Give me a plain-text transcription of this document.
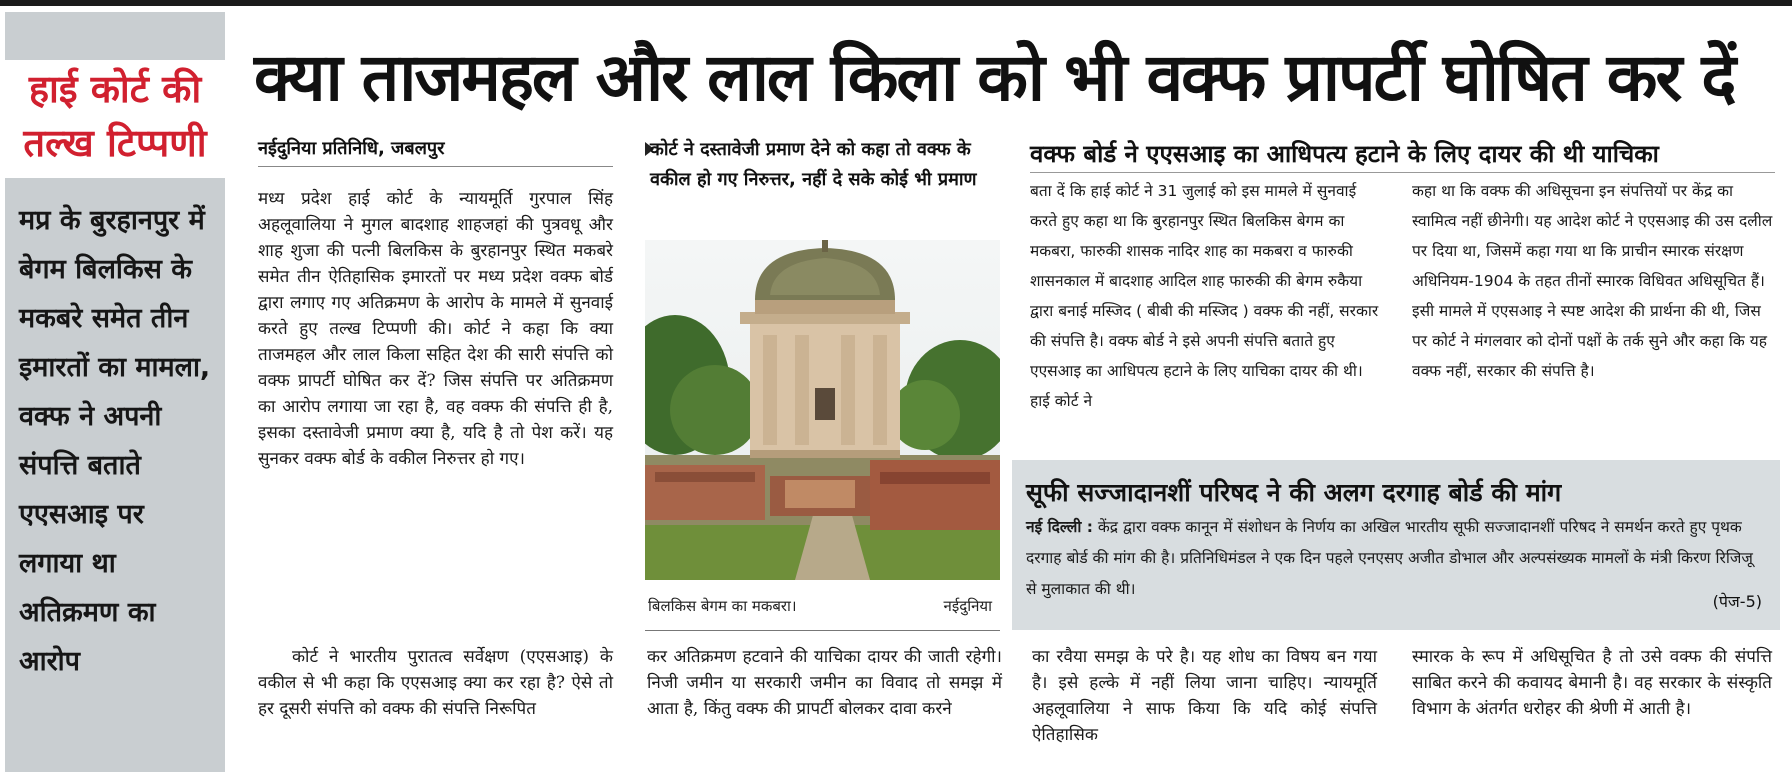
हाई कोर्ट की तल्ख टिप्पणी
मप्र के बुरहानपुर में बेगम बिलकिस के मकबरे समेत तीन इमारतों का मामला, वक्फ ने अपनी संपत्ति बताते एएसआइ पर लगाया था अतिक्रमण का आरोप
क्या ताजमहल और लाल किला को भी वक्फ प्रापर्टी घोषित कर दें
नईदुनिया प्रतिनिधि, जबलपुर

मध्य प्रदेश हाई कोर्ट के न्यायमूर्ति गुरपाल सिंह अहलूवालिया ने मुगल बादशाह शाहजहां की पुत्रवधू और शाह शुजा की पत्नी बिलकिस के बुरहानपुर स्थित मकबरे समेत तीन ऐतिहासिक इमारतों पर मध्य प्रदेश वक्फ बोर्ड द्वारा लगाए गए अतिक्रमण के आरोप के मामले में सुनवाई करते हुए तल्ख टिप्पणी की। कोर्ट ने कहा कि क्या ताजमहल और लाल किला सहित देश की सारी संपत्ति को वक्फ प्रापर्टी घोषित कर दें? जिस संपत्ति पर अतिक्रमण का आरोप लगाया जा रहा है, वह वक्फ की संपत्ति ही है, इसका दस्तावेजी प्रमाण क्या है, यदि है तो पेश करें। यह सुनकर वक्फ बोर्ड के वकील निरुत्तर हो गए।

कोर्ट ने दस्तावेजी प्रमाण देने को कहा तो वक्फ के वकील हो गए निरुत्तर, नहीं दे सके कोई भी प्रमाण
बिलकिस बेगम का मकबरा।	नईदुनिया
वक्फ बोर्ड ने एएसआइ का आधिपत्य हटाने के लिए दायर की थी याचिका

बता दें कि हाई कोर्ट ने 31 जुलाई को इस मामले में सुनवाई करते हुए कहा था कि बुरहानपुर स्थित बिलकिस बेगम का मकबरा, फारुकी शासक नादिर शाह का मकबरा व फारुकी शासनकाल में बादशाह आदिल शाह फारुकी की बेगम रुकैया द्वारा बनाई मस्जिद ( बीबी की मस्जिद ) वक्फ की नहीं, सरकार की संपत्ति है। वक्फ बोर्ड ने इसे अपनी संपत्ति बताते हुए एएसआइ का आधिपत्य हटाने के लिए याचिका दायर की थी। हाई कोर्ट ने

कहा था कि वक्फ की अधिसूचना इन संपत्तियों पर केंद्र का स्वामित्व नहीं छीनेगी। यह आदेश कोर्ट ने एएसआइ की उस दलील पर दिया था, जिसमें कहा गया था कि प्राचीन स्मारक संरक्षण अधिनियम-1904 के तहत तीनों स्मारक विधिवत अधिसूचित हैं। इसी मामले में एएसआइ ने स्पष्ट आदेश की प्रार्थना की थी, जिस पर कोर्ट ने मंगलवार को दोनों पक्षों के तर्क सुने और कहा कि यह वक्फ नहीं, सरकार की संपत्ति है।

सूफी सज्जादानशीं परिषद ने की अलग दरगाह बोर्ड की मांग

नई दिल्ली : केंद्र द्वारा वक्फ कानून में संशोधन के निर्णय का अखिल भारतीय सूफी सज्जादानशीं परिषद ने समर्थन करते हुए पृथक दरगाह बोर्ड की मांग की है। प्रतिनिधिमंडल ने एक दिन पहले एनएसए अजीत डोभाल और अल्पसंख्यक मामलों के मंत्री किरण रिजिजू से मुलाकात की थी।

(पेज-5)

कोर्ट ने भारतीय पुरातत्व सर्वेक्षण (एएसआइ) के वकील से भी कहा कि एएसआइ क्या कर रहा है? ऐसे तो हर दूसरी संपत्ति को वक्फ की संपत्ति निरूपित

कर अतिक्रमण हटवाने की याचिका दायर की जाती रहेगी। निजी जमीन या सरकारी जमीन का विवाद तो समझ में आता है, किंतु वक्फ की प्रापर्टी बोलकर दावा करने

का रवैया समझ के परे है। यह शोध का विषय बन गया है। इसे हल्के में नहीं लिया जाना चाहिए। न्यायमूर्ति अहलूवालिया ने साफ किया कि यदि कोई संपत्ति ऐतिहासिक

स्मारक के रूप में अधिसूचित है तो उसे वक्फ की संपत्ति साबित करने की कवायद बेमानी है। वह सरकार के संस्कृति विभाग के अंतर्गत धरोहर की श्रेणी में आती है।
